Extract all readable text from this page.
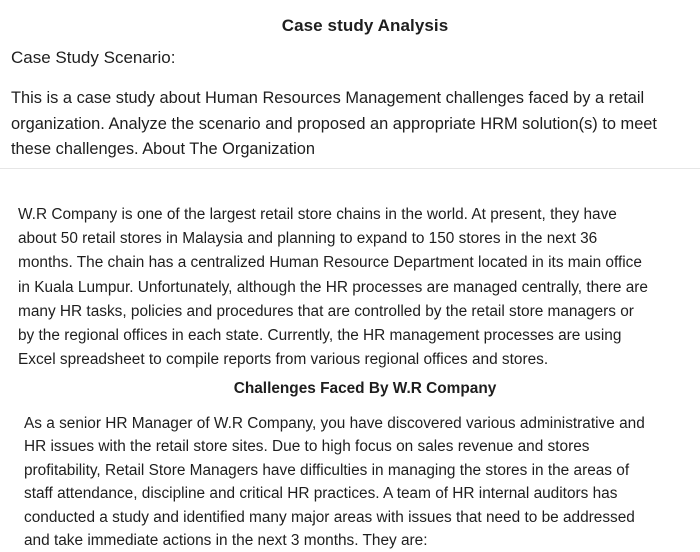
Case study Analysis
Case Study Scenario:
This is a case study about Human Resources Management challenges faced by a retail
organization. Analyze the scenario and proposed an appropriate HRM solution(s) to meet
these challenges. About The Organization
W.R Company is one of the largest retail store chains in the world. At present, they have
about 50 retail stores in Malaysia and planning to expand to 150 stores in the next 36
months. The chain has a centralized Human Resource Department located in its main office
in Kuala Lumpur. Unfortunately, although the HR processes are managed centrally, there are
many HR tasks, policies and procedures that are controlled by the retail store managers or
by the regional offices in each state. Currently, the HR management processes are using
Excel spreadsheet to compile reports from various regional offices and stores.
Challenges Faced By W.R Company
As a senior HR Manager of W.R Company, you have discovered various administrative and
HR issues with the retail store sites. Due to high focus on sales revenue and stores
profitability, Retail Store Managers have difficulties in managing the stores in the areas of
staff attendance, discipline and critical HR practices. A team of HR internal auditors has
conducted a study and identified many major areas with issues that need to be addressed
and take immediate actions in the next 3 months. They are:
